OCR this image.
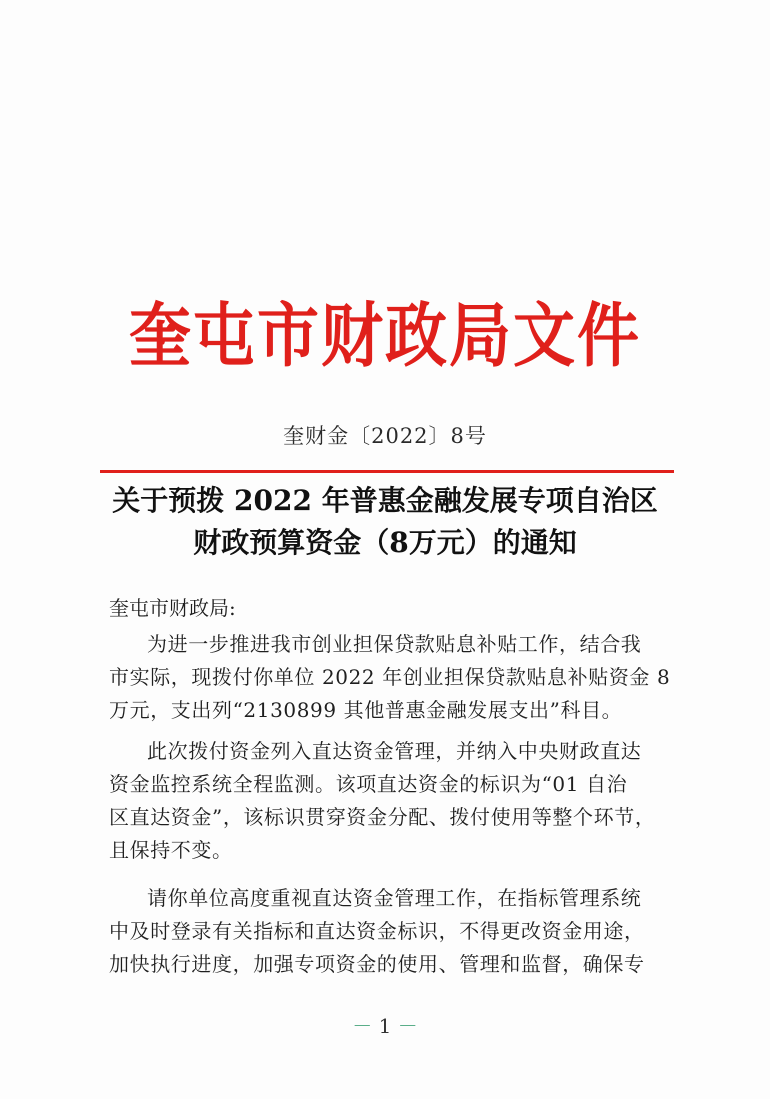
奎屯市财政局文件
奎财金〔2022〕8号
关于预拨 2022 年普惠金融发展专项自治区
财政预算资金（8万元）的通知
奎屯市财政局:
为进一步推进我市创业担保贷款贴息补贴工作，结合我
市实际，现拨付你单位 2022 年创业担保贷款贴息补贴资金 8
万元，支出列“2130899 其他普惠金融发展支出”科目。
此次拨付资金列入直达资金管理，并纳入中央财政直达
资金监控系统全程监测。该项直达资金的标识为“01 自治
区直达资金”，该标识贯穿资金分配、拨付使用等整个环节，
且保持不变。
请你单位高度重视直达资金管理工作，在指标管理系统
中及时登录有关指标和直达资金标识，不得更改资金用途，
加快执行进度，加强专项资金的使用、管理和监督，确保专
－ 1 －
